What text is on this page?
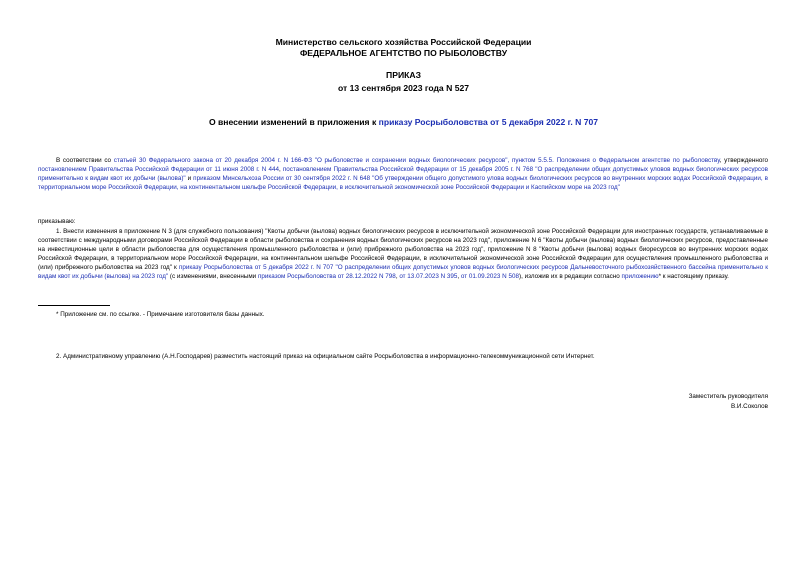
Министерство сельского хозяйства Российской Федерации
ФЕДЕРАЛЬНОЕ АГЕНТСТВО ПО РЫБОЛОВСТВУ
ПРИКАЗ
от 13 сентября 2023 года N 527
О внесении изменений в приложения к приказу Росрыболовства от 5 декабря 2022 г. N 707
В соответствии со статьей 30 Федерального закона от 20 декабря 2004 г. N 166-ФЗ "О рыболовстве и сохранении водных биологических ресурсов", пунктом 5.5.5. Положения о Федеральном агентстве по рыболовству, утвержденного постановлением Правительства Российской Федерации от 11 июня 2008 г. N 444, постановлением Правительства Российской Федерации от 15 декабря 2005 г. N 768 "О распределении общих допустимых уловов водных биологических ресурсов применительно к видам квот их добычи (вылова)" и приказом Минсельхоза России от 30 сентября 2022 г. N 648 "Об утверждении общего допустимого улова водных биологических ресурсов во внутренних морских водах Российской Федерации, в территориальном море Российской Федерации, на континентальном шельфе Российской Федерации, в исключительной экономической зоне Российской Федерации и Каспийском море на 2023 год"
приказываю:
1. Внести изменения в приложение N 3 (для служебного пользования) "Квоты добычи (вылова) водных биологических ресурсов в исключительной экономической зоне Российской Федерации для иностранных государств, устанавливаемые в соответствии с международными договорами Российской Федерации в области рыболовства и сохранения водных биологических ресурсов на 2023 год", приложение N 6 "Квоты добычи (вылова) водных биологических ресурсов, предоставленные на инвестиционные цели в области рыболовства для осуществления промышленного рыболовства и (или) прибрежного рыболовства на 2023 год", приложение N 8 "Квоты добычи (вылова) водных биоресурсов во внутренних морских водах Российской Федерации, в территориальном море Российской Федерации, на континентальном шельфе Российской Федерации, в исключительной экономической зоне Российской Федерации для осуществления промышленного рыболовства и (или) прибрежного рыболовства на 2023 год" к приказу Росрыболовства от 5 декабря 2022 г. N 707 "О распределении общих допустимых уловов водных биологических ресурсов Дальневосточного рыбохозяйственного бассейна применительно к видам квот их добычи (вылова) на 2023 год" (с изменениями, внесенными приказом Росрыболовства от 28.12.2022 N 798, от 13.07.2023 N 395, от 01.09.2023 N 508), изложив их в редакции согласно приложению* к настоящему приказу.
* Приложение см. по ссылке. - Примечание изготовителя базы данных.
2. Административному управлению (А.Н.Господарев) разместить настоящий приказ на официальном сайте Росрыболовства в информационно-телекоммуникационной сети Интернет.
Заместитель руководителя
В.И.Соколов
